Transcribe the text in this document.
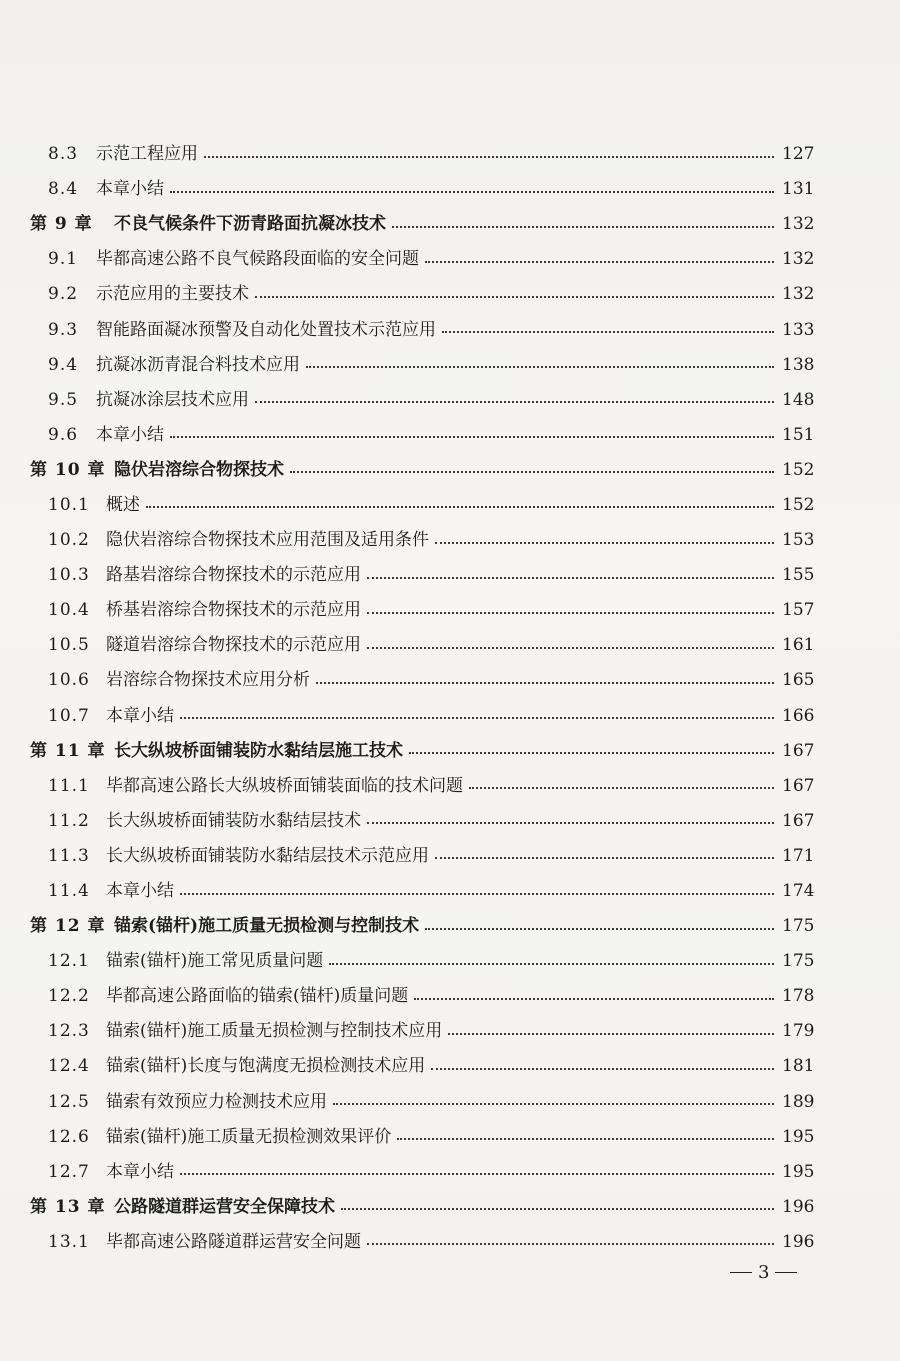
8.3	示范工程应用	127
8.4	本章小结	131
第 9 章	不良气候条件下沥青路面抗凝冰技术	132
9.1	毕都高速公路不良气候路段面临的安全问题	132
9.2	示范应用的主要技术	132
9.3	智能路面凝冰预警及自动化处置技术示范应用	133
9.4	抗凝冰沥青混合料技术应用	138
9.5	抗凝冰涂层技术应用	148
9.6	本章小结	151
第 10 章 隐伏岩溶综合物探技术	152
10.1 概述	152
10.2 隐伏岩溶综合物探技术应用范围及适用条件	153
10.3 路基岩溶综合物探技术的示范应用	155
10.4 桥基岩溶综合物探技术的示范应用	157
10.5 隧道岩溶综合物探技术的示范应用	161
10.6 岩溶综合物探技术应用分析	165
10.7 本章小结	166
第 11 章 长大纵坡桥面铺装防水黏结层施工技术	167
11.1 毕都高速公路长大纵坡桥面铺装面临的技术问题	167
11.2 长大纵坡桥面铺装防水黏结层技术	167
11.3 长大纵坡桥面铺装防水黏结层技术示范应用	171
11.4 本章小结	174
第 12 章 锚索(锚杆)施工质量无损检测与控制技术	175
12.1 锚索(锚杆)施工常见质量问题	175
12.2 毕都高速公路面临的锚索(锚杆)质量问题	178
12.3 锚索(锚杆)施工质量无损检测与控制技术应用	179
12.4 锚索(锚杆)长度与饱满度无损检测技术应用	181
12.5 锚索有效预应力检测技术应用	189
12.6 锚索(锚杆)施工质量无损检测效果评价	195
12.7 本章小结	195
第 13 章 公路隧道群运营安全保障技术	196
13.1 毕都高速公路隧道群运营安全问题	196
3
